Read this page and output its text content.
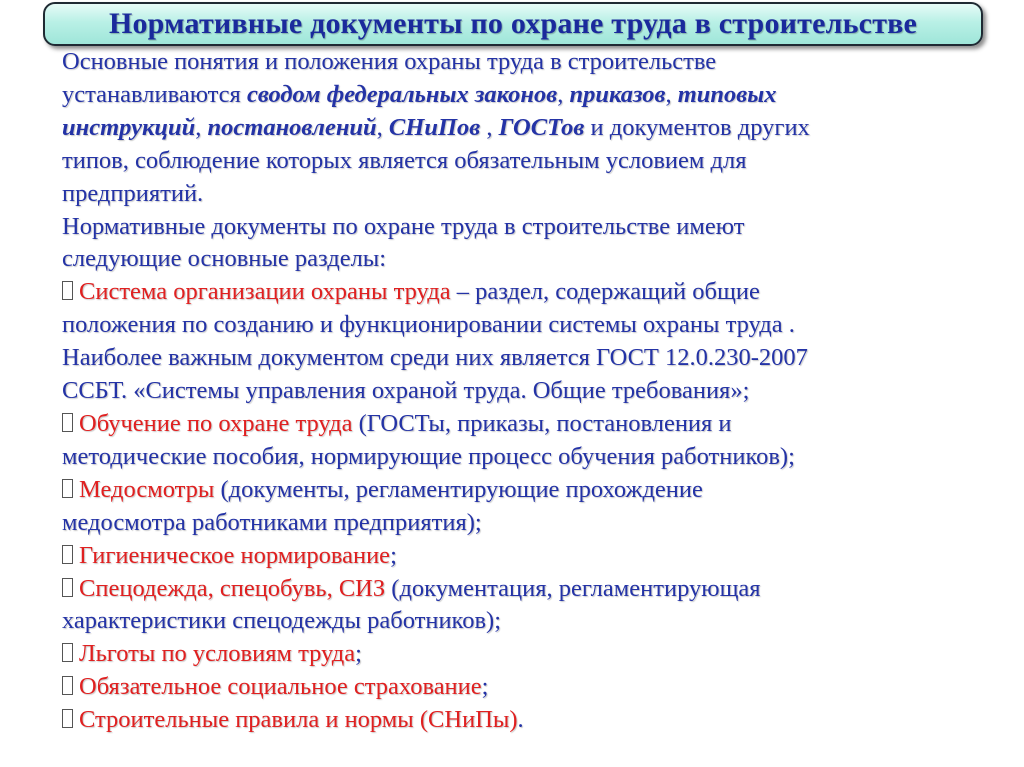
Нормативные документы по охране труда в строительстве

Основные понятия и положения охраны труда в строительстве
устанавливаются сводом федеральных законов, приказов, типовых
инструкций, постановлений, СНиПов , ГОСТов и документов других
типов, соблюдение которых является обязательным условием для
предприятий.

Нормативные документы по охране труда в строительстве имеют
следующие основные разделы:

Система организации охраны труда – раздел, содержащий общие
положения по созданию и функционировании системы охраны труда .
Наиболее важным документом среди них является ГОСТ 12.0.230-2007
ССБТ. «Системы управления охраной труда. Общие требования»;

Обучение по охране труда (ГОСТы, приказы, постановления и
методические пособия, нормирующие процесс обучения работников);

Медосмотры (документы, регламентирующие прохождение
медосмотра работниками предприятия);

Гигиеническое нормирование;

Спецодежда, спецобувь, СИЗ (документация, регламентирующая
характеристики спецодежды работников);

Льготы по условиям труда;

Обязательное социальное страхование;

Строительные правила и нормы (СНиПы).
